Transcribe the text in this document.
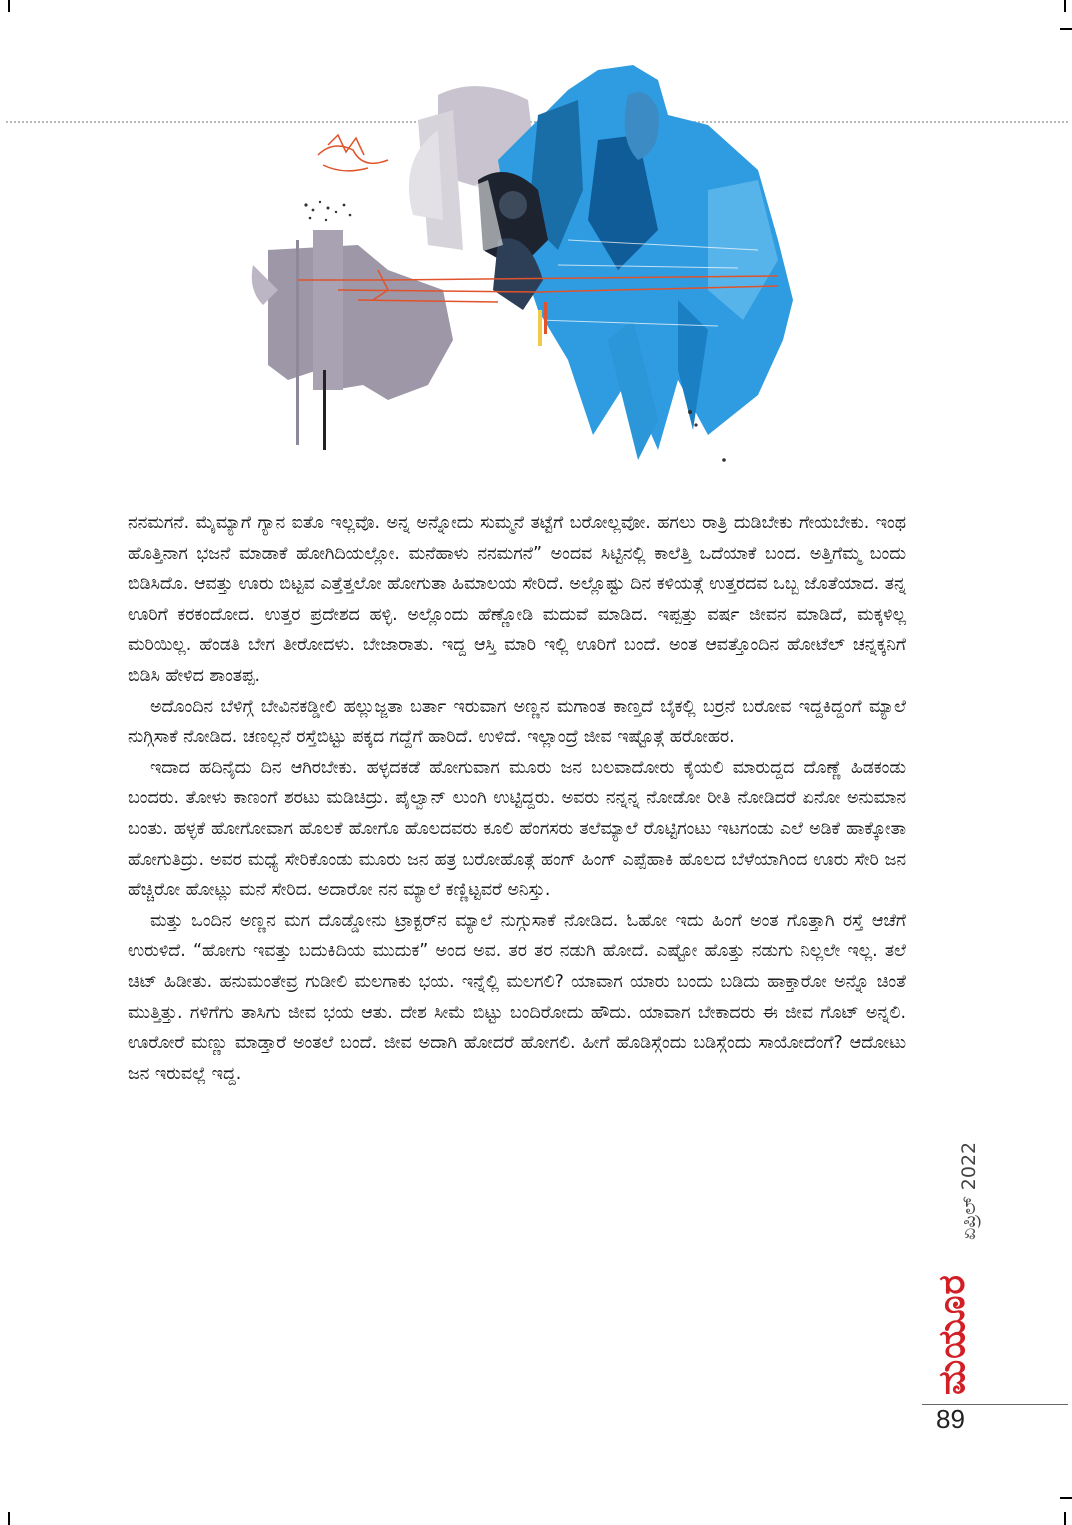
ನನಮಗನೆ. ಮೈಮ್ಯಾಗೆ ಗ್ಯಾನ ಐತೊ ಇಲ್ಲವೊ. ಅನ್ನ ಅನ್ನೋದು ಸುಮ್ಮನೆ ತಟ್ಟೆಗೆ ಬರೋಲ್ಲವೋ. ಹಗಲು ರಾತ್ರಿ ದುಡಿಬೇಕು ಗೇಯಬೇಕು. ಇಂಥ ಹೊತ್ತಿನಾಗ ಭಜನೆ ಮಾಡಾಕೆ ಹೋಗಿದಿಯಲ್ಲೋ. ಮನೆಹಾಳು ನನಮಗನೆ” ಅಂದವ ಸಿಟ್ಟಿನಲ್ಲಿ ಕಾಲೆತ್ತಿ ಒದೆಯಾಕೆ ಬಂದ. ಅತ್ತಿಗೆಮ್ಮ ಬಂದು ಬಿಡಿಸಿದೊ. ಆವತ್ತು ಊರು ಬಿಟ್ಟವ ಎತ್ತೆತ್ತಲೋ ಹೋಗುತಾ ಹಿಮಾಲಯ ಸೇರಿದೆ. ಅಲ್ಲೊಷ್ಟು ದಿನ ಕಳಿಯತ್ಗೆ ಉತ್ತರದವ ಒಬ್ಬ ಜೊತೆಯಾದ. ತನ್ನ ಊರಿಗೆ ಕರಕಂದೋದ. ಉತ್ತರ ಪ್ರದೇಶದ ಹಳ್ಳಿ. ಅಲ್ಲೊಂದು ಹೆಣ್ಣೋಡಿ ಮದುವೆ ಮಾಡಿದ. ಇಪ್ಪತ್ತು ವರ್ಷ ಜೀವನ ಮಾಡಿದೆ, ಮಕ್ಕಳಿಲ್ಲ ಮರಿಯಿಲ್ಲ. ಹೆಂಡತಿ ಬೇಗ ತೀರೋದಳು. ಬೇಜಾರಾತು. ಇದ್ದ ಆಸ್ತಿ ಮಾರಿ ಇಲ್ಲಿ ಊರಿಗೆ ಬಂದೆ. ಅಂತ ಆವತ್ತೊಂದಿನ ಹೋಟೆಲ್ ಚನ್ನಕ್ಕನಿಗೆ ಬಿಡಿಸಿ ಹೇಳಿದ ಶಾಂತಪ್ಪ.

ಅದೊಂದಿನ ಬೆಳಿಗ್ಗೆ ಬೇವಿನಕಡ್ಡೀಲಿ ಹಲ್ಲುಜ್ಜತಾ ಬರ್ತಾ ಇರುವಾಗ ಅಣ್ಣನ ಮಗಾಂತ ಕಾಣ್ತದೆ ಬೈಕಲ್ಲಿ ಬರ್‍ರನೆ ಬರೋವ ಇದ್ದಕಿದ್ದಂಗೆ ಮ್ಯಾಲೆ ನುಗ್ಗಿಸಾಕೆ ನೋಡಿದ. ಚಣಲ್ಲನೆ ರಸ್ತೆಬಿಟ್ಟು ಪಕ್ಕದ ಗದ್ದೆಗೆ ಹಾರಿದೆ. ಉಳಿದೆ. ಇಲ್ಲಾಂದ್ರೆ ಜೀವ ಇಷ್ಟೊತ್ಗೆ ಹರೋಹರ.

ಇದಾದ ಹದಿನೈದು ದಿನ ಆಗಿರಬೇಕು. ಹಳ್ಳದಕಡೆ ಹೋಗುವಾಗ ಮೂರು ಜನ ಬಲವಾದೋರು ಕೈಯಲಿ ಮಾರುದ್ದದ ದೊಣ್ಣೆ ಹಿಡಕಂಡು ಬಂದರು. ತೋಳು ಕಾಣಂಗೆ ಶರಟು ಮಡಿಚಿದ್ರು. ಪೈಲ್ವಾನ್ ಲುಂಗಿ ಉಟ್ಟಿದ್ದರು. ಅವರು ನನ್ನನ್ನ ನೋಡೋ ರೀತಿ ನೋಡಿದರೆ ಏನೋ ಅನುಮಾನ ಬಂತು. ಹಳ್ಳಕೆ ಹೋಗೋವಾಗ ಹೊಲಕೆ ಹೋಗೊ ಹೊಲದವರು ಕೂಲಿ ಹೆಂಗಸರು ತಲೆಮ್ಯಾಲೆ ರೊಟ್ಟಿಗಂಟು ಇಟಗಂಡು ಎಲೆ ಅಡಿಕೆ ಹಾಕ್ಕೋತಾ ಹೋಗುತಿದ್ರು. ಅವರ ಮಧ್ಯೆ ಸೇರಿಕೊಂಡು ಮೂರು ಜನ ಹತ್ರ ಬರೋಹೊತ್ಗೆ ಹಂಗ್ ಹಿಂಗ್ ಎಪ್ಪೆಹಾಕಿ ಹೊಲದ ಬೆಳೆಯಾಗಿಂದ ಊರು ಸೇರಿ ಜನ ಹೆಚ್ಚಿರೋ ಹೋಟ್ಲು ಮನೆ ಸೇರಿದ. ಅದಾರೋ ನನ ಮ್ಯಾಲೆ ಕಣ್ಣಿಟ್ಟವರೆ ಅನಿಸ್ತು.

ಮತ್ತು ಒಂದಿನ ಅಣ್ಣನ ಮಗ ದೊಡ್ಡೋನು ಟ್ರಾಕ್ಟರ್‌ನ ಮ್ಯಾಲೆ ನುಗ್ಗುಸಾಕೆ ನೋಡಿದ. ಓಹೋ ಇದು ಹಿಂಗೆ ಅಂತ ಗೊತ್ತಾಗಿ ರಸ್ತೆ ಆಚೆಗೆ ಉರುಳಿದೆ. “ಹೋಗು ಇವತ್ತು ಬದುಕಿದಿಯ ಮುದುಕ” ಅಂದ ಅವ. ತರ ತರ ನಡುಗಿ ಹೋದೆ. ಎಷ್ಟೋ ಹೊತ್ತು ನಡುಗು ನಿಲ್ಲಲೇ ಇಲ್ಲ. ತಲೆ ಚಿಟ್ ಹಿಡೀತು. ಹನುಮಂತೇವ್ರ ಗುಡೀಲಿ ಮಲಗಾಕು ಭಯ. ಇನ್ನೆಲ್ಲಿ ಮಲಗಲಿ? ಯಾವಾಗ ಯಾರು ಬಂದು ಬಡಿದು ಹಾಕ್ತಾರೋ ಅನ್ನೊ ಚಿಂತೆ ಮುತ್ತಿತ್ತು. ಗಳಿಗೆಗು ತಾಸಿಗು ಜೀವ ಭಯ ಆತು. ದೇಶ ಸೀಮೆ ಬಿಟ್ಟು ಬಂದಿರೋದು ಹೌದು. ಯಾವಾಗ ಬೇಕಾದರು ಈ ಜೀವ ಗೊಟ್ ಅನ್ನಲಿ. ಊರೋರೆ ಮಣ್ಣು ಮಾಡ್ತಾರೆ ಅಂತಲೆ ಬಂದೆ. ಜೀವ ಅದಾಗಿ ಹೋದರೆ ಹೋಗಲಿ. ಹೀಗೆ ಹೊಡಿಸ್ಗೆಂದು ಬಡಿಸ್ಗೆಂದು ಸಾಯೋದೆಂಗೆ? ಆದೋಟು ಜನ ಇರುವಲ್ಲೆ ಇದ್ದ.

ಏಪ್ರಿಲ್ 2022
ಮಯೂರ
89
